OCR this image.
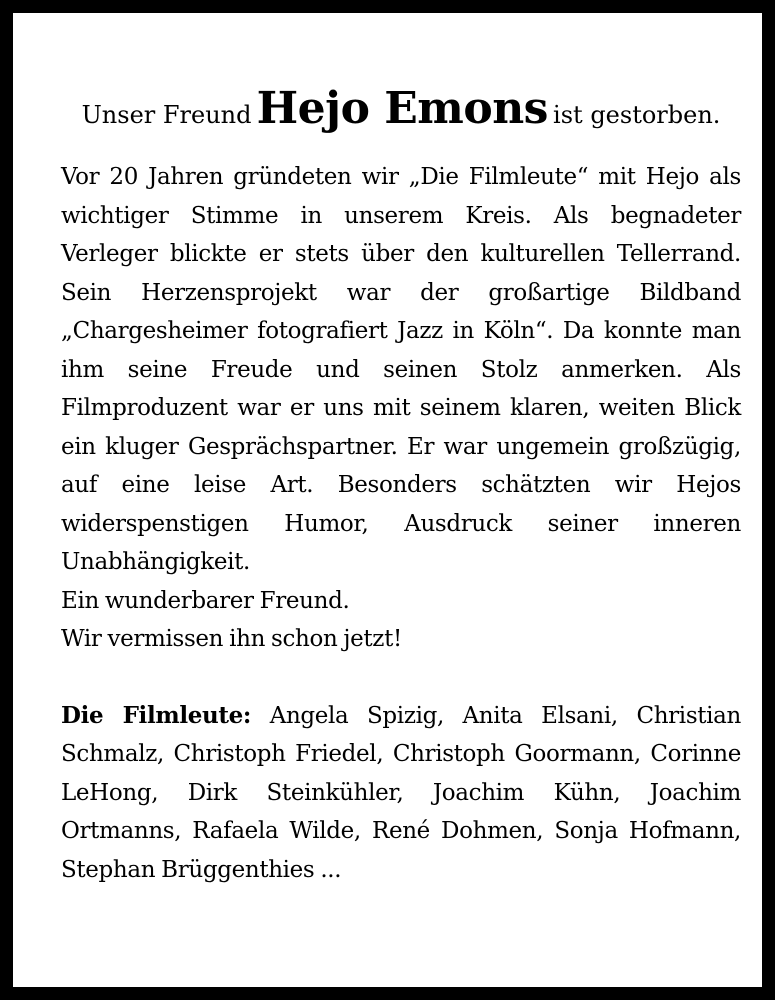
Unser Freund Hejo Emons ist gestorben.

Vor 20 Jahren gründeten wir „Die Filmleute“ mit Hejo als wichtiger Stimme in unserem Kreis. Als begnadeter Verleger blickte er stets über den kulturellen Tellerrand. Sein Herzensprojekt war der großartige Bildband „Chargesheimer fotografiert Jazz in Köln“. Da konnte man ihm seine Freude und seinen Stolz anmerken. Als Filmproduzent war er uns mit seinem klaren, weiten Blick ein kluger Gesprächspartner. Er war ungemein großzügig, auf eine leise Art. Besonders schätzten wir Hejos widerspenstigen Humor, Ausdruck seiner inneren Unabhängigkeit.

Ein wunderbarer Freund.
Wir vermissen ihn schon jetzt!
Die Filmleute: Angela Spizig, Anita Elsani, Christian Schmalz, Christoph Friedel, Christoph Goormann, Corinne LeHong, Dirk Steinkühler, Joachim Kühn, Joachim Ortmanns, Rafaela Wilde, René Dohmen, Sonja Hofmann, Stephan Brüggenthies ...
